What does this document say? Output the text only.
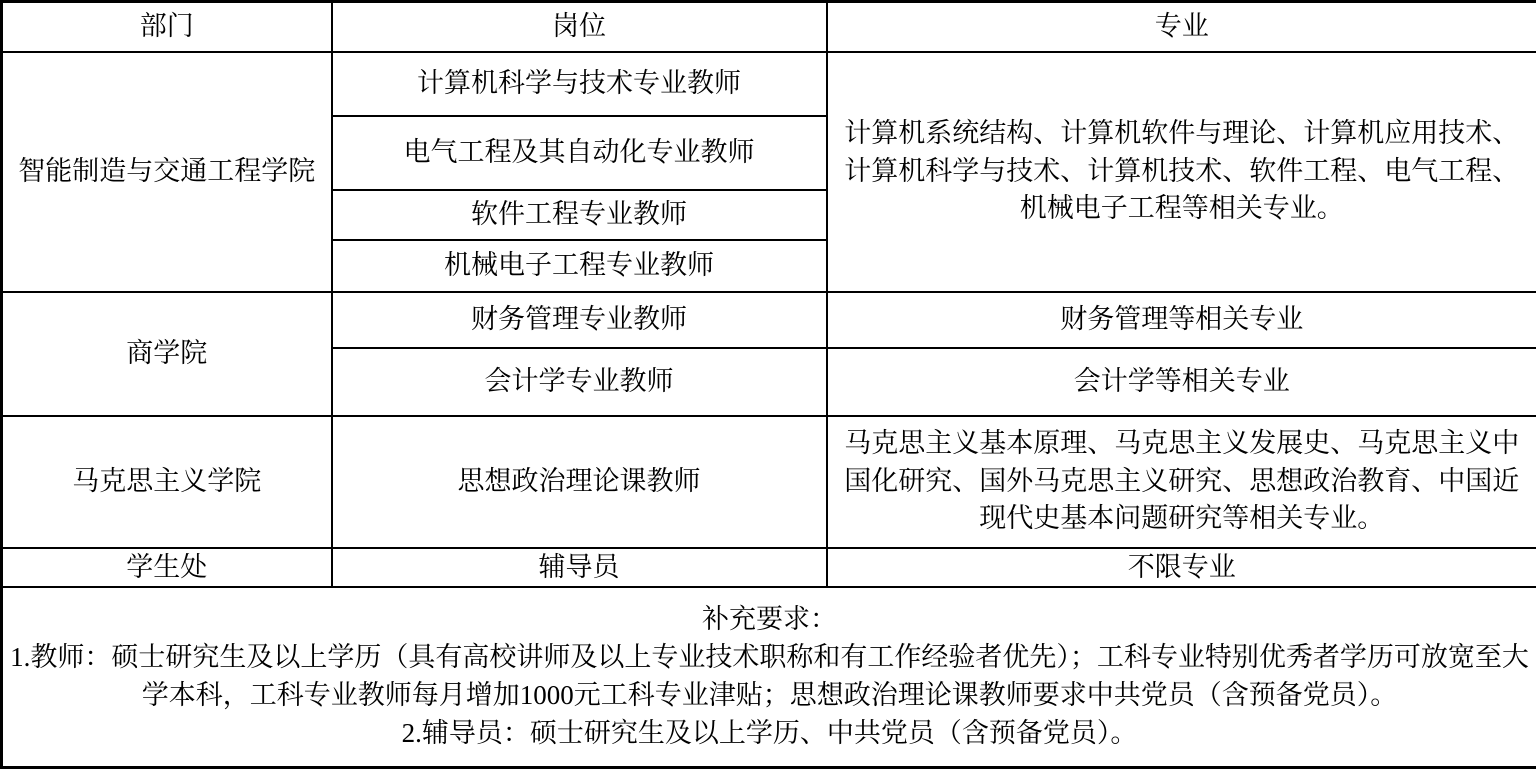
部门	岗位	专业
智能制造与交通工程学院	计算机科学与技术专业教师	计算机系统结构、计算机软件与理论、计算机应用技术、计算机科学与技术、计算机技术、软件工程、电气工程、机械电子工程等相关专业。
	电气工程及其自动化专业教师	
	软件工程专业教师	
	机械电子工程专业教师	
商学院	财务管理专业教师	财务管理等相关专业
	会计学专业教师	会计学等相关专业
马克思主义学院	思想政治理论课教师	马克思主义基本原理、马克思主义发展史、马克思主义中国化研究、国外马克思主义研究、思想政治教育、中国近现代史基本问题研究等相关专业。
学生处	辅导员	不限专业

补充要求：

1.教师：硕士研究生及以上学历（具有高校讲师及以上专业技术职称和有工作经验者优先）；工科专业特别优秀者学历可放宽至大学本科，工科专业教师每月增加1000元工科专业津贴；思想政治理论课教师要求中共党员（含预备党员）。

2.辅导员：硕士研究生及以上学历、中共党员（含预备党员）。		
